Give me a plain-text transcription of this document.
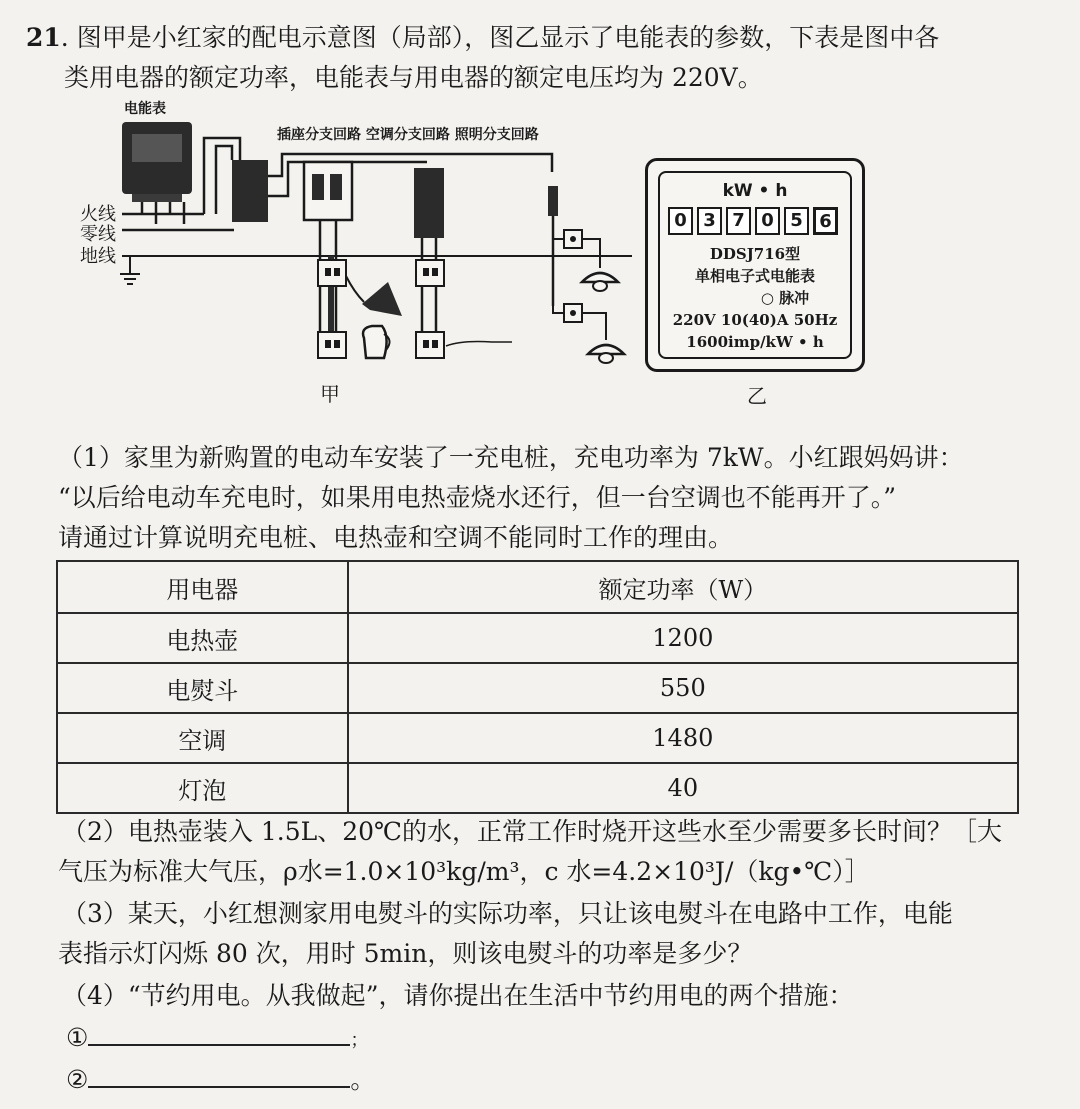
21. 图甲是小红家的配电示意图（局部），图乙显示了电能表的参数，下表是图中各
类用电器的额定功率，电能表与用电器的额定电压均为 220V。
电能表
插座分支回路 空调分支回路 照明分支回路
火线
零线
地线
甲
kW • h
0 3 7 0 5 6
DDSJ716型
单相电子式电能表
○ 脉冲
220V 10(40)A 50Hz
1600imp/kW • h
乙
（1）家里为新购置的电动车安装了一充电桩，充电功率为 7kW。小红跟妈妈讲：
“以后给电动车充电时，如果用电热壶烧水还行，但一台空调也不能再开了。”
请通过计算说明充电桩、电热壶和空调不能同时工作的理由。
用电器	额定功率（W）
电热壶	1200
电熨斗	550
空调	1480
灯泡	40
（2）电热壶装入 1.5L、20℃的水，正常工作时烧开这些水至少需要多长时间？［大
气压为标准大气压，ρ水=1.0×10³kg/m³，c 水=4.2×10³J/（kg•℃）］
（3）某天，小红想测家用电熨斗的实际功率，只让该电熨斗在电路中工作，电能
表指示灯闪烁 80 次，用时 5min，则该电熨斗的功率是多少？
（4）“节约用电。从我做起”，请你提出在生活中节约用电的两个措施：
①	；
②	。
